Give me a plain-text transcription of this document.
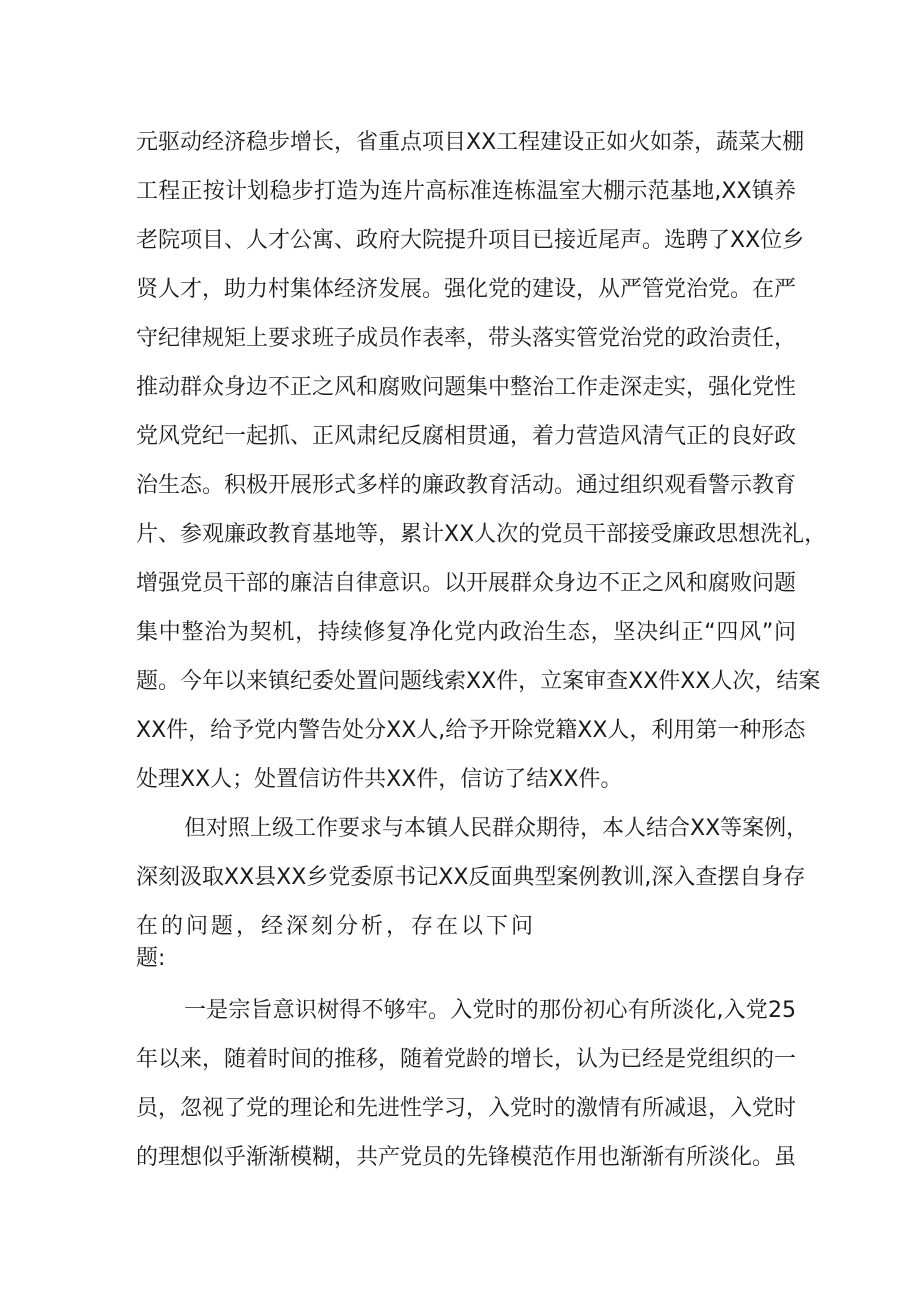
元驱动经济稳步增长，省重点项目XX工程建设正如火如荼，蔬菜大棚
工程正按计划稳步打造为连片高标准连栋温室大棚示范基地,XX镇养
老院项目、人才公寓、政府大院提升项目已接近尾声。选聘了XX位乡
贤人才，助力村集体经济发展。强化党的建设，从严管党治党。在严
守纪律规矩上要求班子成员作表率，带头落实管党治党的政治责任，
推动群众身边不正之风和腐败问题集中整治工作走深走实，强化党性
党风党纪一起抓、正风肃纪反腐相贯通，着力营造风清气正的良好政
治生态。积极开展形式多样的廉政教育活动。通过组织观看警示教育
片、参观廉政教育基地等，累计XX人次的党员干部接受廉政思想洗礼，
增强党员干部的廉洁自律意识。以开展群众身边不正之风和腐败问题
集中整治为契机，持续修复净化党内政治生态，坚决纠正“四风”问
题。今年以来镇纪委处置问题线索XX件，立案审查XX件XX人次，结案
XX件，给予党内警告处分XX人,给予开除党籍XX人，利用第一种形态
处理XX人；处置信访件共XX件，信访了结XX件。
但对照上级工作要求与本镇人民群众期待，本人结合XX等案例，
深刻汲取XX县XX乡党委原书记XX反面典型案例教训,深入查摆自身存
在的问题，经深刻分析，存在以下问
题:
一是宗旨意识树得不够牢。入党时的那份初心有所淡化,入党25
年以来，随着时间的推移，随着党龄的增长，认为已经是党组织的一
员，忽视了党的理论和先进性学习，入党时的激情有所减退，入党时
的理想似乎渐渐模糊，共产党员的先锋模范作用也渐渐有所淡化。虽
